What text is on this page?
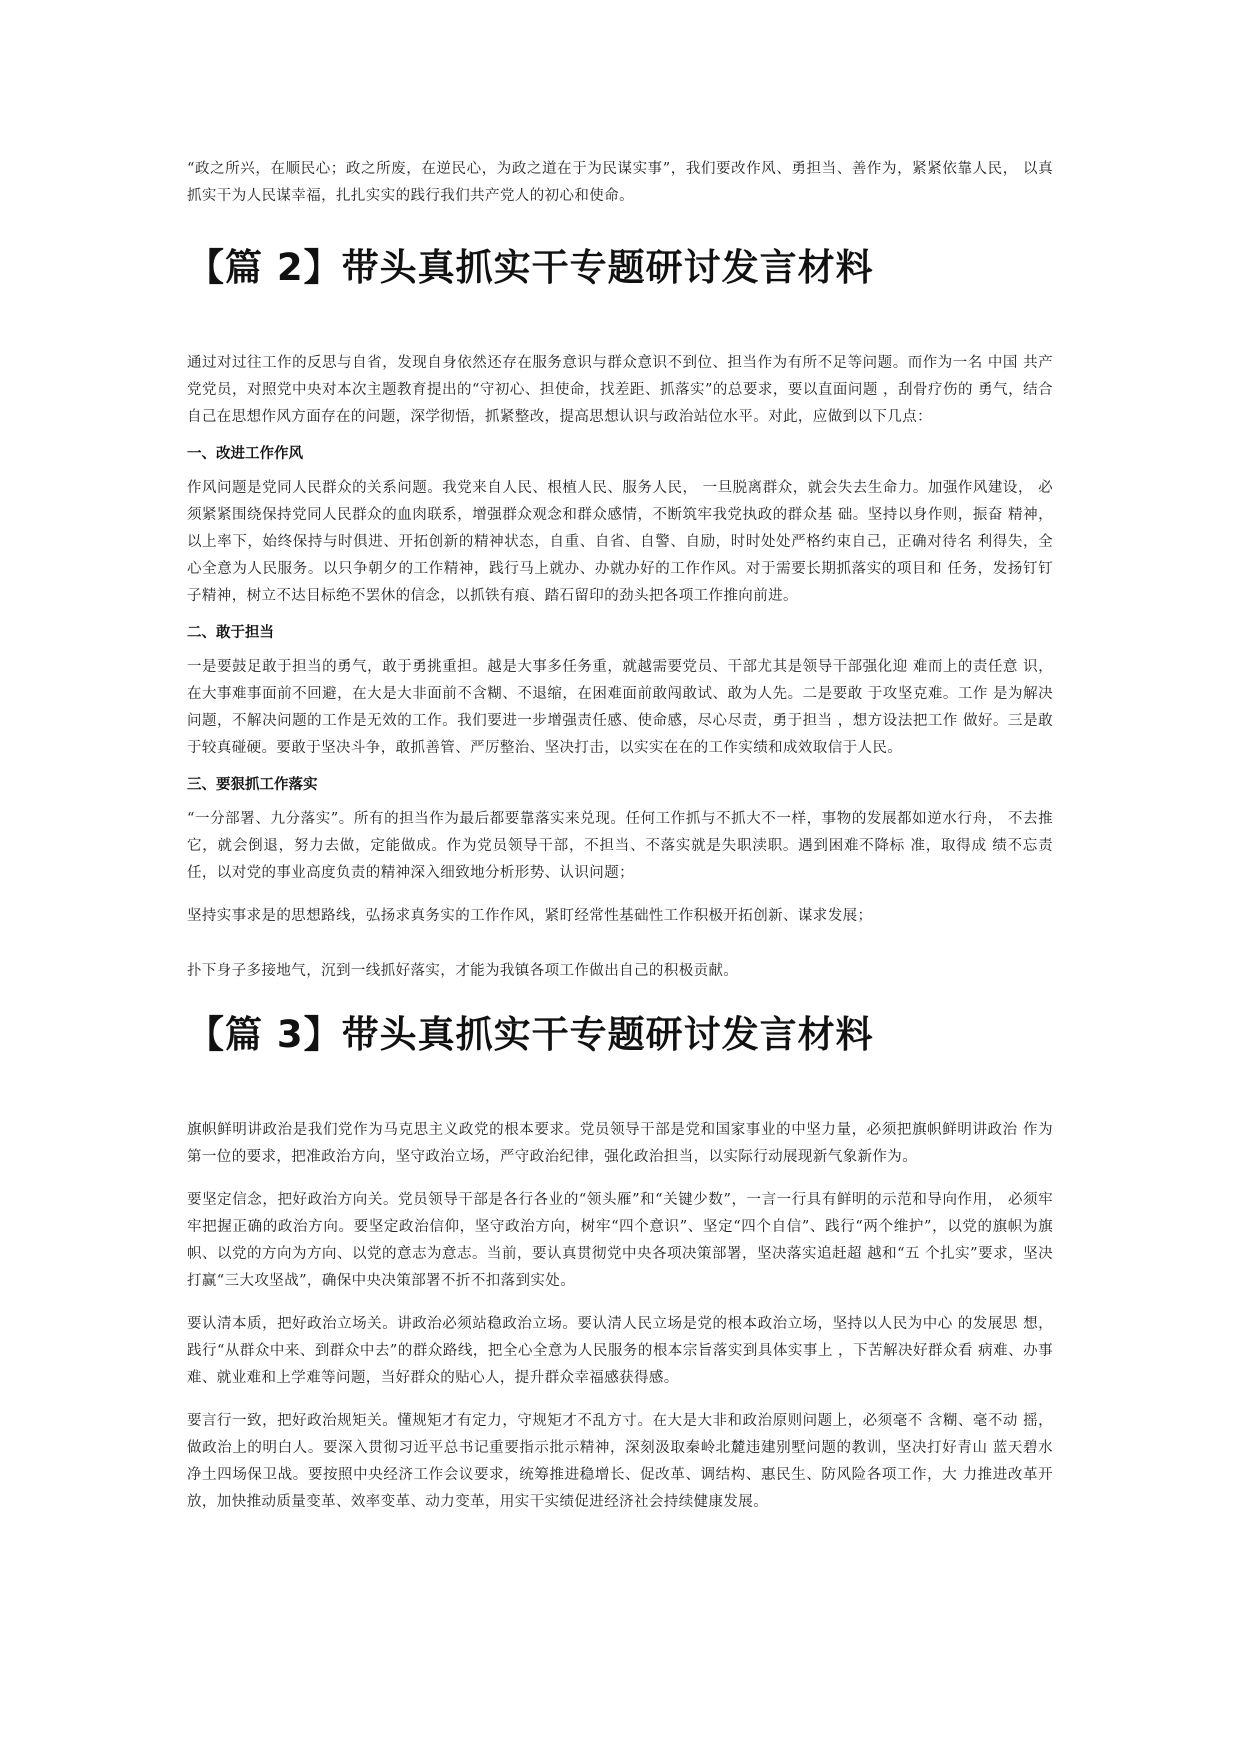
“政之所兴，在顺民心；政之所废，在逆民心，为政之道在于为民谋实事”，我们要改作风、勇担当、善作为，紧紧依靠人民， 以真抓实干为人民谋幸福，扎扎实实的践行我们共产党人的初心和使命。

【篇 2】带头真抓实干专题研讨发言材料

通过对过往工作的反思与自省，发现自身依然还存在服务意识与群众意识不到位、担当作为有所不足等问题。而作为一名 中国 共产党党员，对照党中央对本次主题教育提出的“守初心、担使命，找差距、抓落实”的总要求，要以直面问题 ，刮骨疗伤的 勇气，结合自己在思想作风方面存在的问题，深学彻悟，抓紧整改，提高思想认识与政治站位水平。对此，应做到以下几点：

一、改进工作作风

作风问题是党同人民群众的关系问题。我党来自人民、根植人民、服务人民， 一旦脱离群众，就会失去生命力。加强作风建设， 必须紧紧围绕保持党同人民群众的血肉联系，增强群众观念和群众感情，不断筑牢我党执政的群众基 础。坚持以身作则，振奋 精神，以上率下，始终保持与时俱进、开拓创新的精神状态，自重、自省、自警、自励，时时处处严格约束自己，正确对待名 利得失，全心全意为人民服务。以只争朝夕的工作精神，践行马上就办、办就办好的工作作风。对于需要长期抓落实的项目和 任务，发扬钉钉子精神，树立不达目标绝不罢休的信念，以抓铁有痕、踏石留印的劲头把各项工作推向前进。

二、敢于担当

一是要鼓足敢于担当的勇气，敢于勇挑重担。越是大事多任务重，就越需要党员、干部尤其是领导干部强化迎 难而上的责任意 识，在大事难事面前不回避，在大是大非面前不含糊、不退缩，在困难面前敢闯敢试、敢为人先。二是要敢 于攻坚克难。工作 是为解决问题，不解决问题的工作是无效的工作。我们要进一步增强责任感、使命感，尽心尽责，勇于担当 ，想方设法把工作 做好。三是敢于较真碰硬。要敢于坚决斗争，敢抓善管、严厉整治、坚决打击，以实实在在的工作实绩和成效取信于人民。

三、要狠抓工作落实

“一分部署、九分落实”。所有的担当作为最后都要靠落实来兑现。任何工作抓与不抓大不一样，事物的发展都如逆水行舟， 不去推它，就会倒退，努力去做，定能做成。作为党员领导干部，不担当、不落实就是失职渎职。遇到困难不降标 准，取得成 绩不忘责任，以对党的事业高度负责的精神深入细致地分析形势、认识问题；

坚持实事求是的思想路线，弘扬求真务实的工作作风，紧盯经常性基础性工作积极开拓创新、谋求发展；

扑下身子多接地气，沉到一线抓好落实，才能为我镇各项工作做出自己的积极贡献。

【篇 3】带头真抓实干专题研讨发言材料

旗帜鲜明讲政治是我们党作为马克思主义政党的根本要求。党员领导干部是党和国家事业的中坚力量，必须把旗帜鲜明讲政治 作为第一位的要求，把准政治方向，坚守政治立场，严守政治纪律，强化政治担当，以实际行动展现新气象新作为。

要坚定信念，把好政治方向关。党员领导干部是各行各业的“领头雁”和“关键少数”，一言一行具有鲜明的示范和导向作用， 必须牢牢把握正确的政治方向。要坚定政治信仰，坚守政治方向，树牢“四个意识”、坚定“四个自信”、践行“两个维护”，以党的旗帜为旗帜、以党的方向为方向、以党的意志为意志。当前，要认真贯彻党中央各项决策部署，坚决落实追赶超 越和“五 个扎实”要求，坚决打赢“三大攻坚战”，确保中央决策部署不折不扣落到实处。

要认清本质，把好政治立场关。讲政治必须站稳政治立场。要认清人民立场是党的根本政治立场，坚持以人民为中心 的发展思 想，践行“从群众中来、到群众中去”的群众路线，把全心全意为人民服务的根本宗旨落实到具体实事上 ，下苦解决好群众看 病难、办事难、就业难和上学难等问题，当好群众的贴心人，提升群众幸福感获得感。

要言行一致，把好政治规矩关。懂规矩才有定力，守规矩才不乱方寸。在大是大非和政治原则问题上，必须毫不 含糊、毫不动 摇，做政治上的明白人。要深入贯彻习近平总书记重要指示批示精神，深刻汲取秦岭北麓违建别墅问题的教训，坚决打好青山 蓝天碧水净土四场保卫战。要按照中央经济工作会议要求，统筹推进稳增长、促改革、调结构、惠民生、防风险各项工作，大 力推进改革开放，加快推动质量变革、效率变革、动力变革，用实干实绩促进经济社会持续健康发展。
